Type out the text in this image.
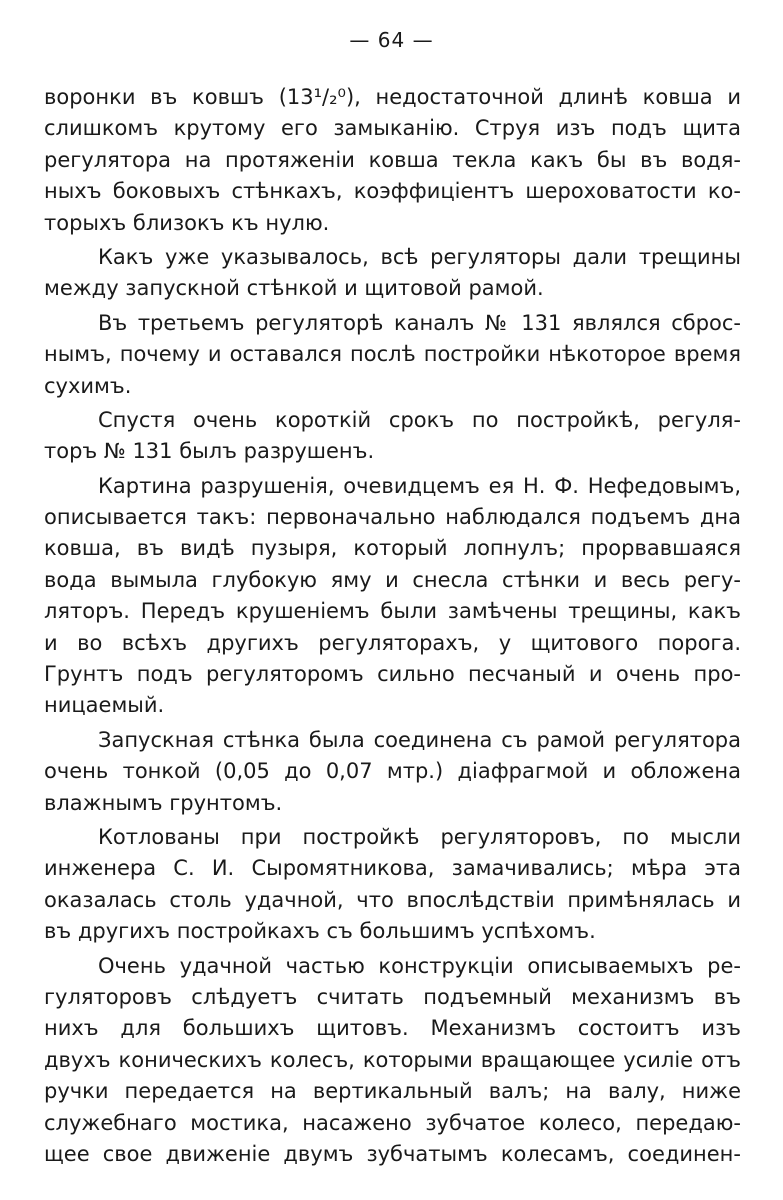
— 64 —
воронки въ ковшъ (13¹/₂⁰), недостаточной длинѣ ковша и
слишкомъ крутому его замыканію. Струя изъ подъ щита
регулятора на протяженіи ковша текла какъ бы въ водя-
ныхъ боковыхъ стѣнкахъ, коэффиціентъ шероховатости ко-
торыхъ близокъ къ нулю.
Какъ уже указывалось, всѣ регуляторы дали трещины
между запускной стѣнкой и щитовой рамой.
Въ третьемъ регуляторѣ каналъ № 131 являлся сброс-
нымъ, почему и оставался послѣ постройки нѣкоторое время
сухимъ.
Спустя очень короткій срокъ по постройкѣ, регуля-
торъ № 131 былъ разрушенъ.
Картина разрушенія, очевидцемъ ея Н. Ф. Нефедовымъ,
описывается такъ: первоначально наблюдался подъемъ дна
ковша, въ видѣ пузыря, который лопнулъ; прорвавшаяся
вода вымыла глубокую яму и снесла стѣнки и весь регу-
ляторъ. Передъ крушеніемъ были замѣчены трещины, какъ
и во всѣхъ другихъ регуляторахъ, у щитового порога.
Грунтъ подъ регуляторомъ сильно песчаный и очень про-
ницаемый.
Запускная стѣнка была соединена съ рамой регулятора
очень тонкой (0,05 до 0,07 мтр.) діафрагмой и обложена
влажнымъ грунтомъ.
Котлованы при постройкѣ регуляторовъ, по мысли
инженера С. И. Сыромятникова, замачивались; мѣра эта
оказалась столь удачной, что впослѣдствіи примѣнялась и
въ другихъ постройкахъ съ большимъ успѣхомъ.
Очень удачной частью конструкціи описываемыхъ ре-
гуляторовъ слѣдуетъ считать подъемный механизмъ въ
нихъ для большихъ щитовъ. Механизмъ состоитъ изъ
двухъ коническихъ колесъ, которыми вращающее усиліе отъ
ручки передается на вертикальный валъ; на валу, ниже
служебнаго мостика, насажено зубчатое колесо, передаю-
щее свое движеніе двумъ зубчатымъ колесамъ, соединен-
